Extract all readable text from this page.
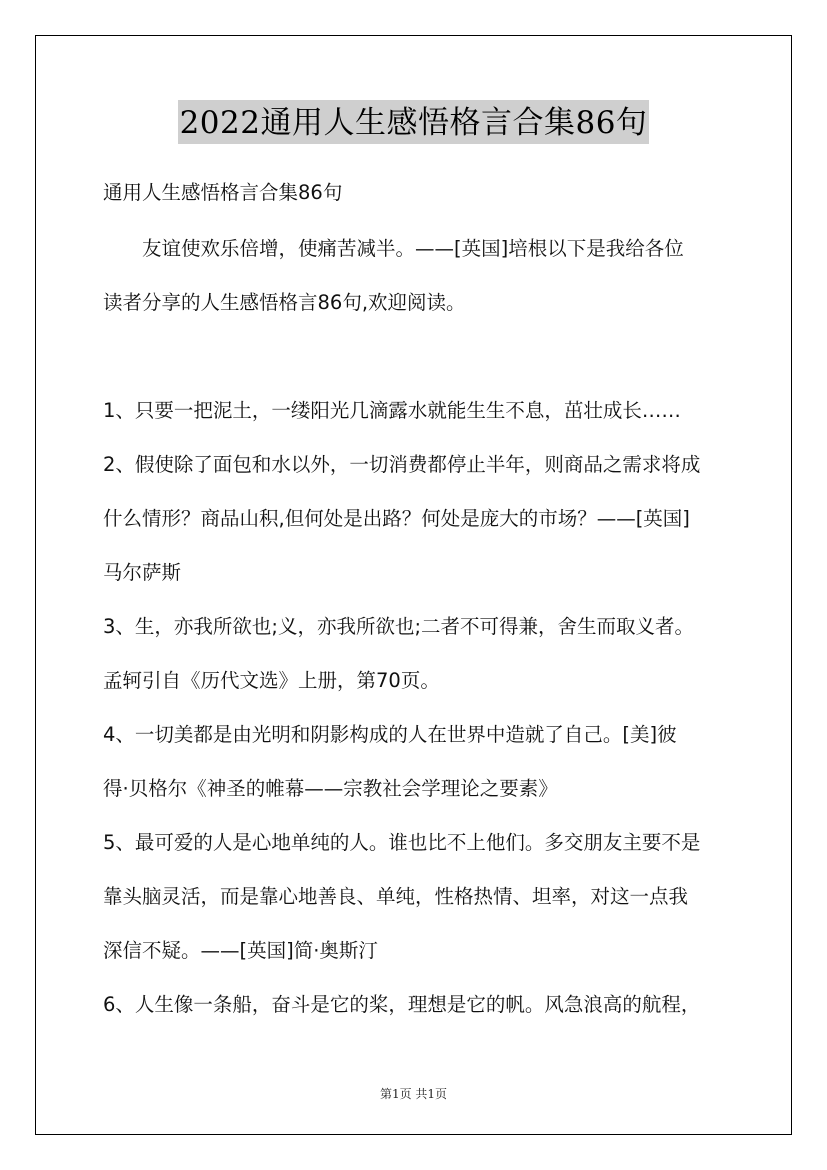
2022通用人生感悟格言合集86句
通用人生感悟格言合集86句
友谊使欢乐倍增，使痛苦减半。——[英国]培根以下是我给各位
读者分享的人生感悟格言86句,欢迎阅读。
1、只要一把泥土，一缕阳光几滴露水就能生生不息，茁壮成长……
2、假使除了面包和水以外，一切消费都停止半年，则商品之需求将成
什么情形？商品山积,但何处是出路？何处是庞大的市场？——[英国]
马尔萨斯
3、生，亦我所欲也;义，亦我所欲也;二者不可得兼，舍生而取义者。
孟轲引自《历代文选》上册，第70页。
4、一切美都是由光明和阴影构成的人在世界中造就了自己。[美]彼
得·贝格尔《神圣的帷幕——宗教社会学理论之要素》
5、最可爱的人是心地单纯的人。谁也比不上他们。多交朋友主要不是
靠头脑灵活，而是靠心地善良、单纯，性格热情、坦率，对这一点我
深信不疑。——[英国]简·奥斯汀
6、人生像一条船，奋斗是它的桨，理想是它的帆。风急浪高的航程，
第1页 共1页
